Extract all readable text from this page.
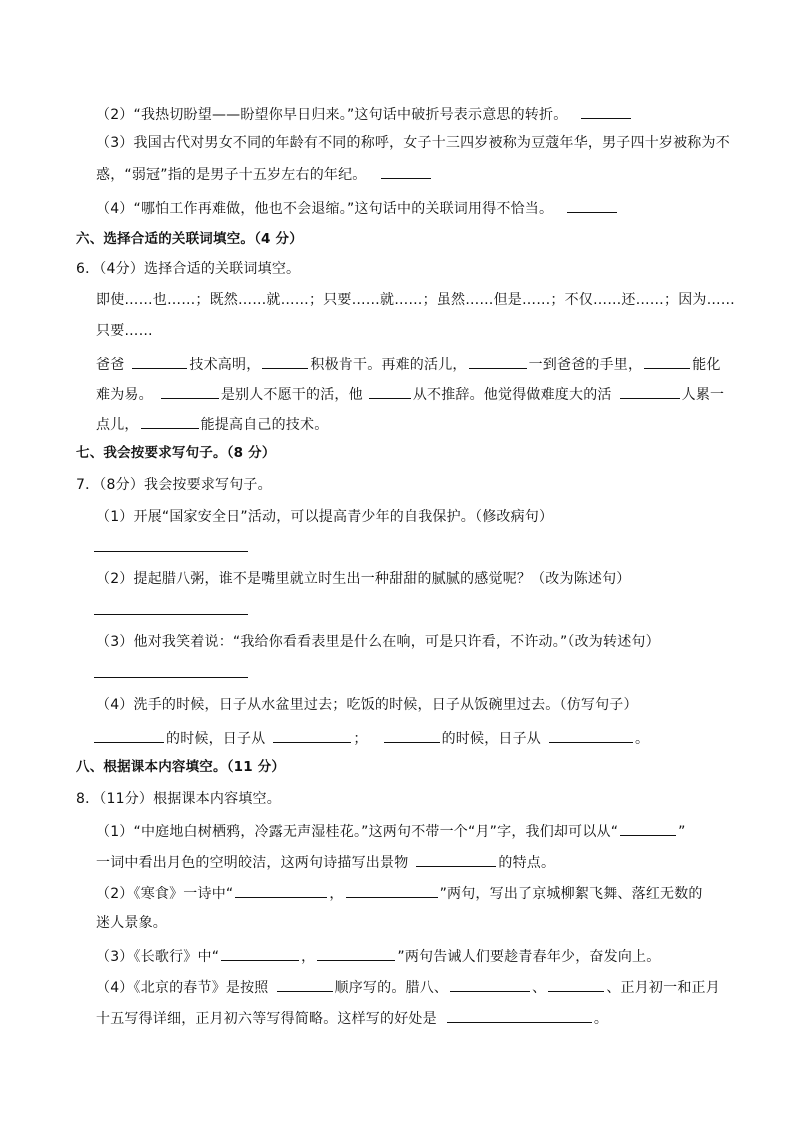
（2）“我热切盼望——盼望你早日归来。”这句话中破折号表示意思的转折。
（3）我国古代对男女不同的年龄有不同的称呼，女子十三四岁被称为豆蔻年华，男子四十岁被称为不
惑，“弱冠”指的是男子十五岁左右的年纪。
（4）“哪怕工作再难做，他也不会退缩。”这句话中的关联词用得不恰当。
六、选择合适的关联词填空。（4 分）
6．（4分）选择合适的关联词填空。
即使……也……；既然……就……；只要……就……；虽然……但是……；不仅……还……；因为……
只要……
爸爸	技术高明，	积极肯干。再难的活儿，	一到爸爸的手里，	能化
难为易。	是别人不愿干的活，他	从不推辞。他觉得做难度大的活	人累一
点儿，	能提高自己的技术。
七、我会按要求写句子。（8 分）
7．（8分）我会按要求写句子。
（1）开展“国家安全日”活动，可以提高青少年的自我保护。（修改病句）
（2）提起腊八粥，谁不是嘴里就立时生出一种甜甜的腻腻的感觉呢？（改为陈述句）
（3）他对我笑着说：“我给你看看表里是什么在响，可是只许看，不许动。”（改为转述句）
（4）洗手的时候，日子从水盆里过去；吃饭的时候，日子从饭碗里过去。（仿写句子）
的时候，日子从	；	的时候，日子从	。
八、根据课本内容填空。（11 分）
8．（11分）根据课本内容填空。
（1）“中庭地白树栖鸦，冷露无声湿桂花。”这两句不带一个“月”字，我们却可以从“	”
一词中看出月色的空明皎洁，这两句诗描写出景物	的特点。
（2）《寒食》一诗中“	，	”两句，写出了京城柳絮飞舞、落红无数的
迷人景象。
（3）《长歌行》中“	，	”两句告诫人们要趁青春年少，奋发向上。
（4）《北京的春节》是按照	顺序写的。腊八、	、	、正月初一和正月
十五写得详细，正月初六等写得简略。这样写的好处是	。
